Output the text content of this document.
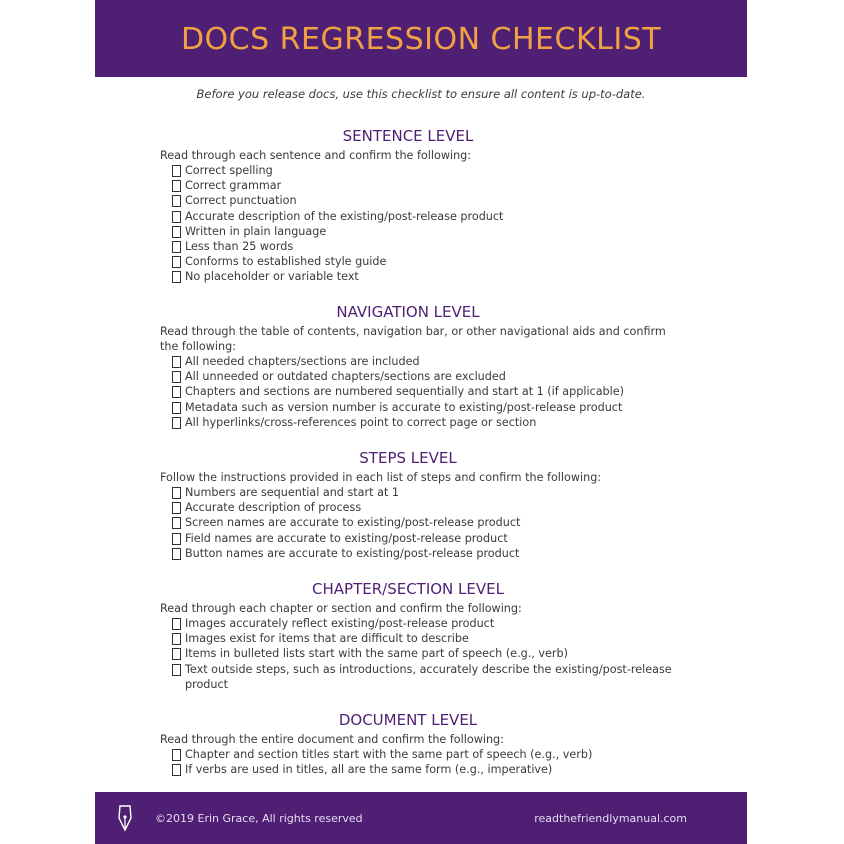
DOCS REGRESSION CHECKLIST
Before you release docs, use this checklist to ensure all content is up-to-date.
SENTENCE LEVEL
Read through each sentence and confirm the following:
Correct spelling
Correct grammar
Correct punctuation
Accurate description of the existing/post-release product
Written in plain language
Less than 25 words
Conforms to established style guide
No placeholder or variable text
NAVIGATION LEVEL
Read through the table of contents, navigation bar, or other navigational aids and confirm the following:
All needed chapters/sections are included
All unneeded or outdated chapters/sections are excluded
Chapters and sections are numbered sequentially and start at 1 (if applicable)
Metadata such as version number is accurate to existing/post-release product
All hyperlinks/cross-references point to correct page or section
STEPS LEVEL
Follow the instructions provided in each list of steps and confirm the following:
Numbers are sequential and start at 1
Accurate description of process
Screen names are accurate to existing/post-release product
Field names are accurate to existing/post-release product
Button names are accurate to existing/post-release product
CHAPTER/SECTION LEVEL
Read through each chapter or section and confirm the following:
Images accurately reflect existing/post-release product
Images exist for items that are difficult to describe
Items in bulleted lists start with the same part of speech (e.g., verb)
Text outside steps, such as introductions, accurately describe the existing/post-release product
DOCUMENT LEVEL
Read through the entire document and confirm the following:
Chapter and section titles start with the same part of speech (e.g., verb)
If verbs are used in titles, all are the same form (e.g., imperative)
©2019 Erin Grace, All rights reserved	readthefriendlymanual.com
